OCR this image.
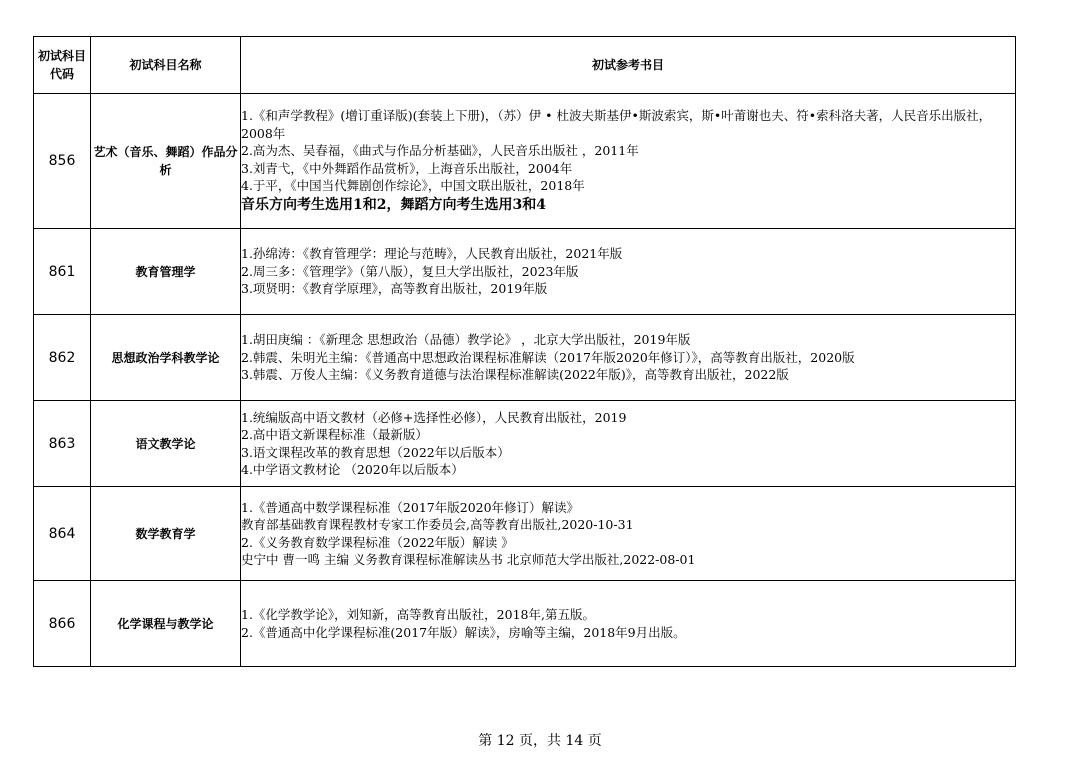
初试科目代码	初试科目名称	初试参考书目
856	艺术（音乐、舞蹈）作品分析	1.《和声学教程》(增订重译版)(套装上下册)，（苏）伊 • 杜波夫斯基伊•斯波索宾，斯•叶莆谢也夫、符•索科洛夫著，人民音乐出版社，2008年
2.高为杰、吴春福，《曲式与作品分析基础》，人民音乐出版社 ，2011年
3.刘青弋，《中外舞蹈作品赏析》，上海音乐出版社，2004年
4.于平，《中国当代舞剧创作综论》，中国文联出版社，2018年
音乐方向考生选用1和2，舞蹈方向考生选用3和4

861	教育管理学	1.孙绵涛：《教育管理学：理论与范畴》，人民教育出版社，2021年版
2.周三多：《管理学》（第八版），复旦大学出版社，2023年版
3.项贤明：《教育学原理》，高等教育出版社，2019年版

862	思想政治学科教学论	1.胡田庚编 ：《新理念 思想政治（品德）教学论》 ，北京大学出版社，2019年版
2.韩震、朱明光主编：《普通高中思想政治课程标准解读（2017年版2020年修订）》，高等教育出版社，2020版
3.韩震、万俊人主编：《义务教育道德与法治课程标准解读(2022年版)》，高等教育出版社，2022版

863	语文教学论	1.统编版高中语文教材（必修+选择性必修），人民教育出版社，2019
2.高中语文新课程标准（最新版）
3.语文课程改革的教育思想（2022年以后版本）
4.中学语文教材论 （2020年以后版本）

864	数学教育学	1.《普通高中数学课程标准（2017年版2020年修订）解读》
教育部基础教育课程教材专家工作委员会,高等教育出版社,2020-10-31
2.《义务教育数学课程标准（2022年版）解读 》
史宁中 曹一鸣 主编 义务教育课程标准解读丛书 北京师范大学出版社,2022-08-01

866	化学课程与教学论	1.《化学教学论》，刘知新，高等教育出版社，2018年,第五版。
2.《普通高中化学课程标准(2017年版）解读》，房喻等主编，2018年9月出版。
第 12 页，共 14 页
